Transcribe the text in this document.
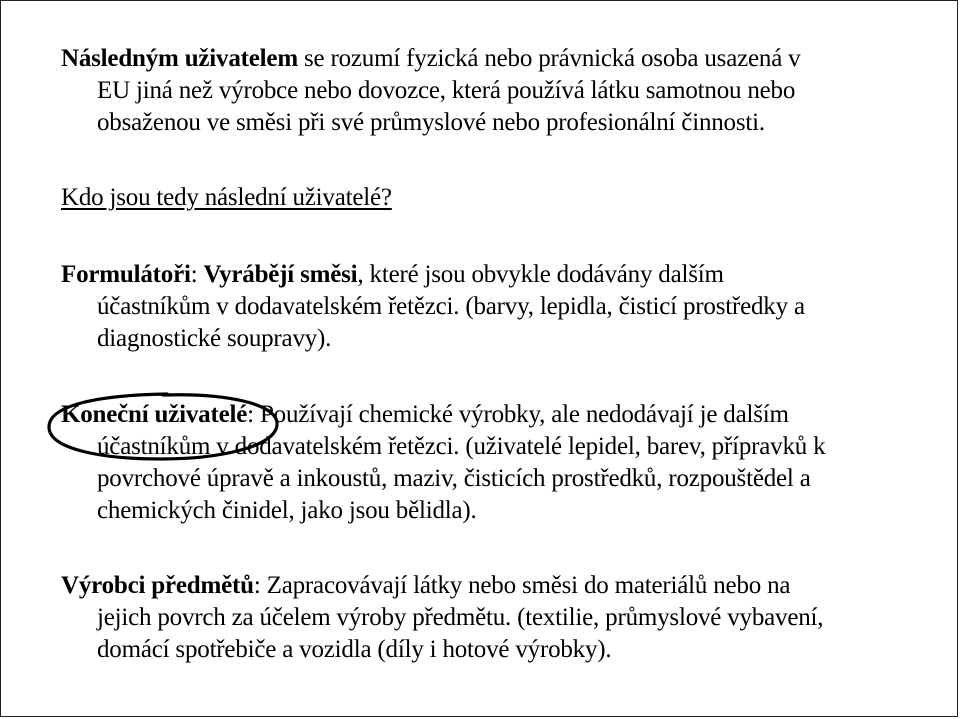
Následným uživatelem se rozumí fyzická nebo právnická osoba usazená v
EU jiná než výrobce nebo dovozce, která používá látku samotnou nebo
obsaženou ve směsi při své průmyslové nebo profesionální činnosti.
Kdo jsou tedy následní uživatelé?
Formulátoři: Vyrábějí směsi, které jsou obvykle dodávány dalším
účastníkům v dodavatelském řetězci. (barvy, lepidla, čisticí prostředky a
diagnostické soupravy).
Koneční uživatelé: Používají chemické výrobky, ale nedodávají je dalším
účastníkům v dodavatelském řetězci. (uživatelé lepidel, barev, přípravků k
povrchové úpravě a inkoustů, maziv, čisticích prostředků, rozpouštědel a
chemických činidel, jako jsou bělidla).
Výrobci předmětů: Zapracovávají látky nebo směsi do materiálů nebo na
jejich povrch za účelem výroby předmětu. (textilie, průmyslové vybavení,
domácí spotřebiče a vozidla (díly i hotové výrobky).
